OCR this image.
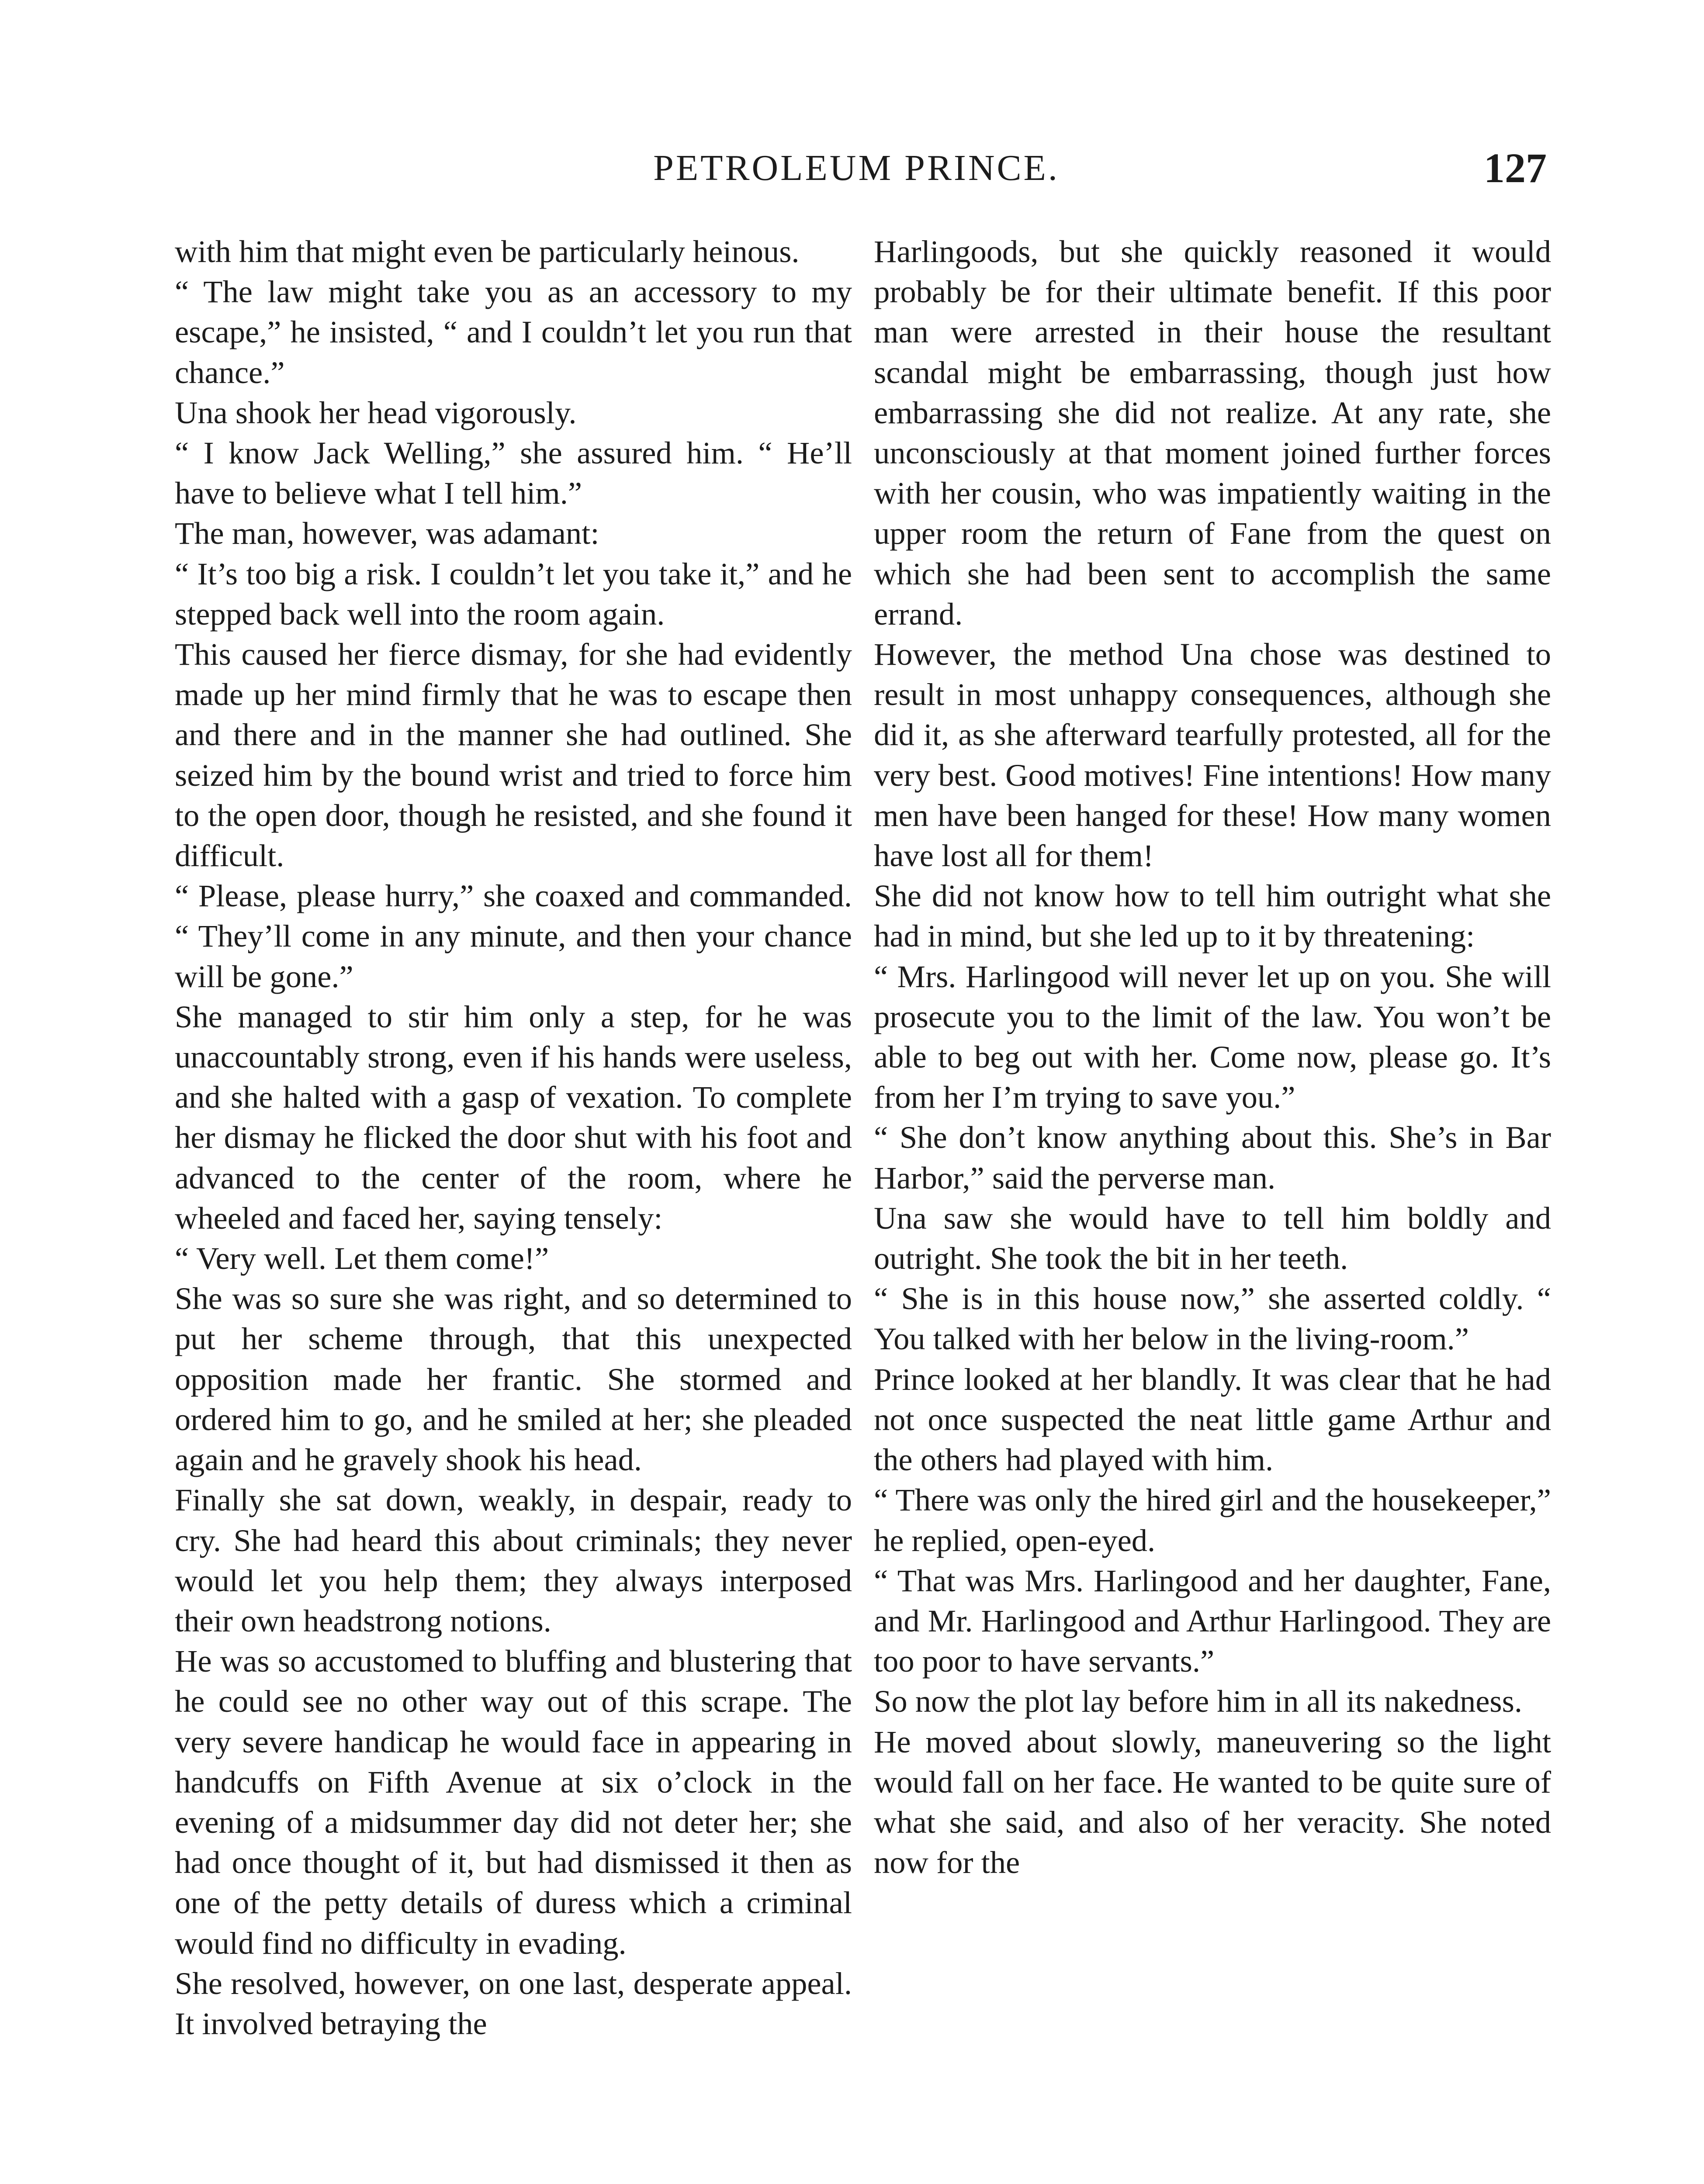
PETROLEUM PRINCE.	127

with him that might even be particularly heinous.

“ The law might take you as an accessory to my escape,” he insisted, “ and I couldn’t let you run that chance.”

Una shook her head vigorously.

“ I know Jack Welling,” she assured him. “ He’ll have to believe what I tell him.”

The man, however, was adamant:

“ It’s too big a risk. I couldn’t let you take it,” and he stepped back well into the room again.

This caused her fierce dismay, for she had evidently made up her mind firmly that he was to escape then and there and in the manner she had outlined. She seized him by the bound wrist and tried to force him to the open door, though he resisted, and she found it difficult.

“ Please, please hurry,” she coaxed and commanded. “ They’ll come in any minute, and then your chance will be gone.”

She managed to stir him only a step, for he was unaccountably strong, even if his hands were useless, and she halted with a gasp of vexation. To complete her dismay he flicked the door shut with his foot and advanced to the center of the room, where he wheeled and faced her, saying tensely:

“ Very well. Let them come!”

She was so sure she was right, and so determined to put her scheme through, that this unexpected opposition made her frantic. She stormed and ordered him to go, and he smiled at her; she pleaded again and he gravely shook his head.

Finally she sat down, weakly, in despair, ready to cry. She had heard this about criminals; they never would let you help them; they always interposed their own headstrong notions.

He was so accustomed to bluffing and blustering that he could see no other way out of this scrape. The very severe handicap he would face in appearing in handcuffs on Fifth Avenue at six o’clock in the evening of a midsummer day did not deter her; she had once thought of it, but had dismissed it then as one of the petty details of duress which a criminal would find no difficulty in evading.

She resolved, however, on one last, desperate appeal. It involved betraying the

Harlingoods, but she quickly reasoned it would probably be for their ultimate benefit. If this poor man were arrested in their house the resultant scandal might be embarrassing, though just how embarrassing she did not realize. At any rate, she unconsciously at that moment joined further forces with her cousin, who was impatiently waiting in the upper room the return of Fane from the quest on which she had been sent to accomplish the same errand.

However, the method Una chose was destined to result in most unhappy consequences, although she did it, as she afterward tearfully protested, all for the very best. Good motives! Fine intentions! How many men have been hanged for these! How many women have lost all for them!

She did not know how to tell him outright what she had in mind, but she led up to it by threatening:

“ Mrs. Harlingood will never let up on you. She will prosecute you to the limit of the law. You won’t be able to beg out with her. Come now, please go. It’s from her I’m trying to save you.”

“ She don’t know anything about this. She’s in Bar Harbor,” said the perverse man.

Una saw she would have to tell him boldly and outright. She took the bit in her teeth.

“ She is in this house now,” she asserted coldly. “ You talked with her below in the living-room.”

Prince looked at her blandly. It was clear that he had not once suspected the neat little game Arthur and the others had played with him.

“ There was only the hired girl and the housekeeper,” he replied, open-eyed.

“ That was Mrs. Harlingood and her daughter, Fane, and Mr. Harlingood and Arthur Harlingood. They are too poor to have servants.”

So now the plot lay before him in all its nakedness.

He moved about slowly, maneuvering so the light would fall on her face. He wanted to be quite sure of what she said, and also of her veracity. She noted now for the
